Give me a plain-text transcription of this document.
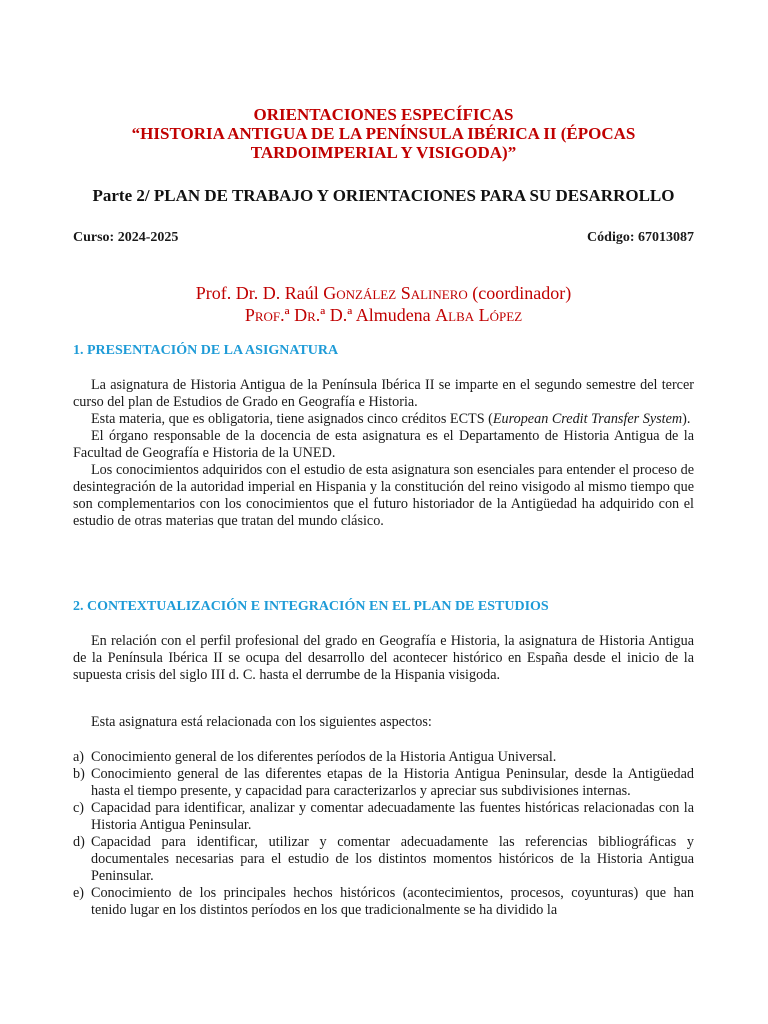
ORIENTACIONES ESPECÍFICAS
“HISTORIA ANTIGUA DE LA PENÍNSULA IBÉRICA II (ÉPOCAS
TARDOIMPERIAL Y VISIGODA)”
Parte 2/ PLAN DE TRABAJO Y ORIENTACIONES PARA SU DESARROLLO
Curso: 2024-2025	Código: 67013087
Prof. Dr. D. Raúl González Salinero (coordinador)
Prof.ª Dr.ª D.ª Almudena Alba López
1. PRESENTACIÓN DE LA ASIGNATURA

La asignatura de Historia Antigua de la Península Ibérica II se imparte en el segundo semestre del tercer curso del plan de Estudios de Grado en Geografía e Historia.

Esta materia, que es obligatoria, tiene asignados cinco créditos ECTS (European Credit Transfer System).

El órgano responsable de la docencia de esta asignatura es el Departamento de Historia Antigua de la Facultad de Geografía e Historia de la UNED.

Los conocimientos adquiridos con el estudio de esta asignatura son esenciales para entender el proceso de desintegración de la autoridad imperial en Hispania y la constitución del reino visigodo al mismo tiempo que son complementarios con los conocimientos que el futuro historiador de la Antigüedad ha adquirido con el estudio de otras materias que tratan del mundo clásico.

2. CONTEXTUALIZACIÓN E INTEGRACIÓN EN EL PLAN DE ESTUDIOS

En relación con el perfil profesional del grado en Geografía e Historia, la asignatura de Historia Antigua de la Península Ibérica II se ocupa del desarrollo del acontecer histórico en España desde el inicio de la supuesta crisis del siglo III d. C. hasta el derrumbe de la Hispania visigoda.

Esta asignatura está relacionada con los siguientes aspectos:

a) Conocimiento general de los diferentes períodos de la Historia Antigua Universal.
b) Conocimiento general de las diferentes etapas de la Historia Antigua Peninsular, desde la Antigüedad hasta el tiempo presente, y capacidad para caracterizarlos y apreciar sus subdivisiones internas.
c) Capacidad para identificar, analizar y comentar adecuadamente las fuentes históricas relacionadas con la Historia Antigua Peninsular.
d) Capacidad para identificar, utilizar y comentar adecuadamente las referencias bibliográficas y documentales necesarias para el estudio de los distintos momentos históricos de la Historia Antigua Peninsular.
e) Conocimiento de los principales hechos históricos (acontecimientos, procesos, coyunturas) que han tenido lugar en los distintos períodos en los que tradicionalmente se ha dividido la
